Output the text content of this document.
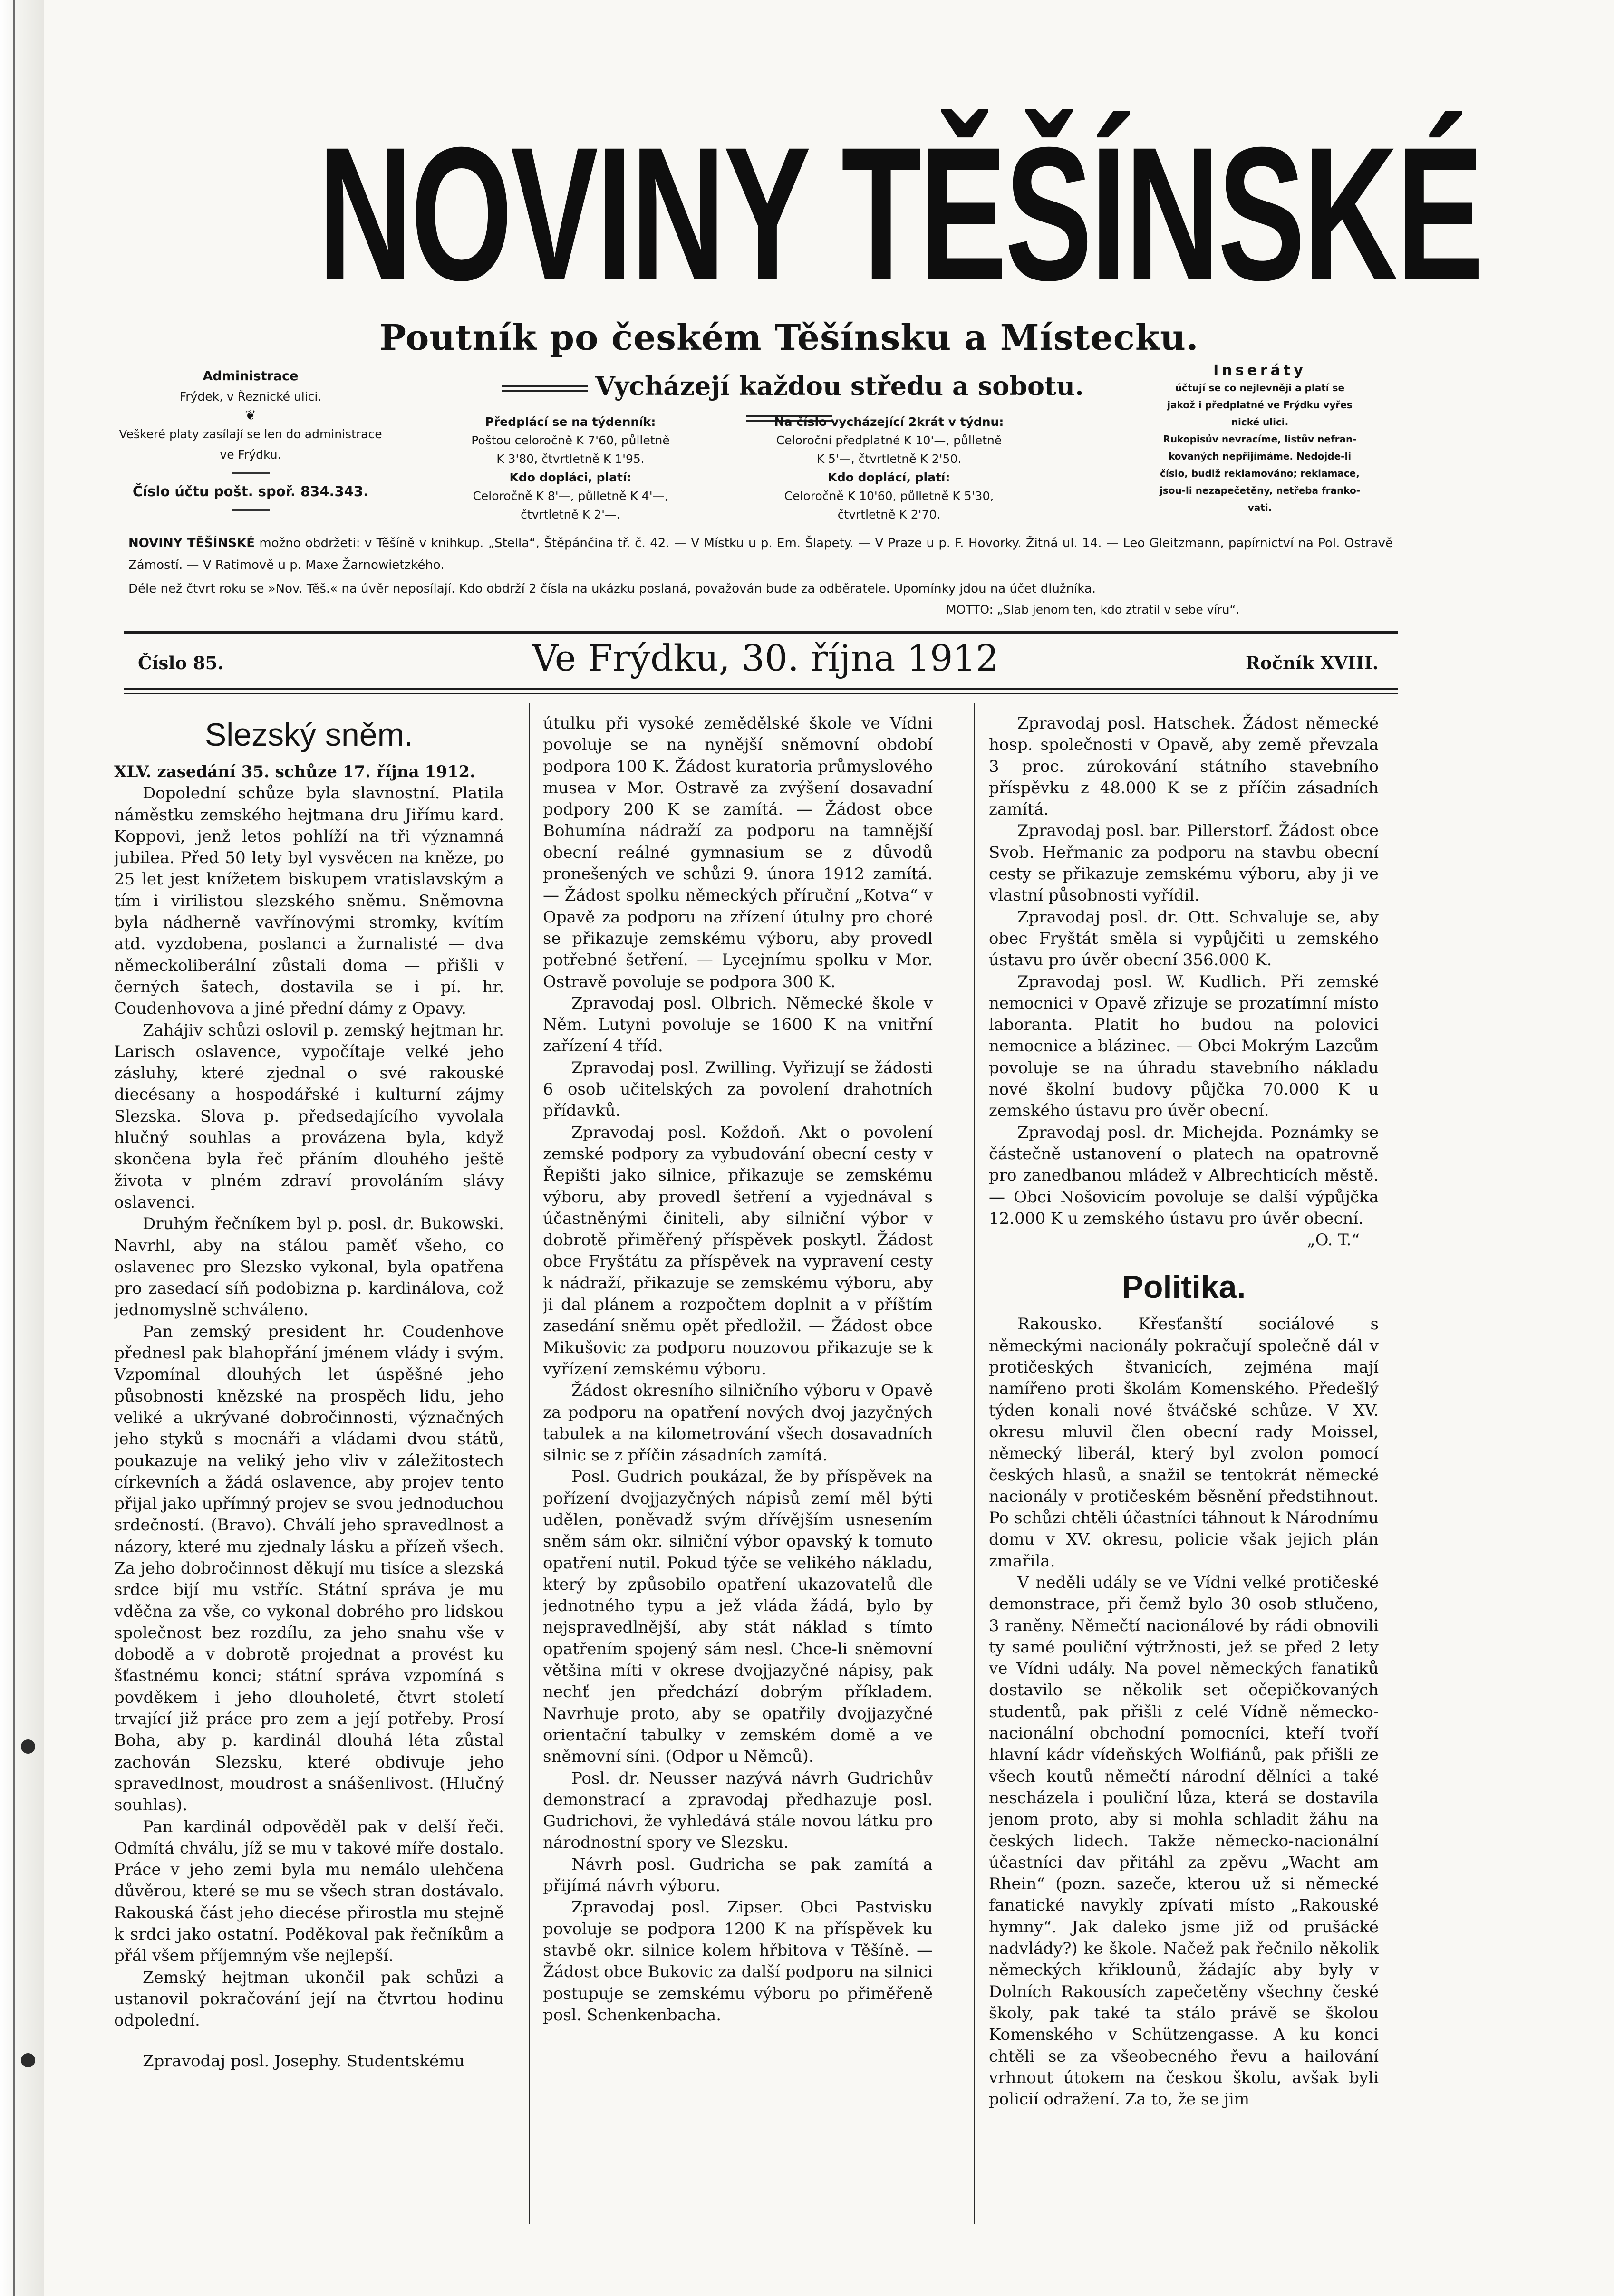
NOVINY TĚŠÍNSKÉ
Poutník po českém Těšínsku a Místecku.
Vycházejí každou středu a sobotu.
Administrace
Frýdek, v Řeznické ulici.
❦
Veškeré platy zasílají se len do administrace ve Frýdku.
Číslo účtu pošt. spoř. 834.343.
Předplácí se na týdenník:
Poštou celoročně K 7'60, půlletně
K 3'80, čtvrtletně K 1'95.
Kdo dopláci, platí:
Celoročně K 8'—, půlletně K 4'—,
čtvrtletně K 2'—.
Na číslo vycházející 2krát v týdnu:
Celoroční předplatné K 10'—, půlletně
K 5'—, čtvrtletně K 2'50.
Kdo doplácí, platí:
Celoročně K 10'60, půlletně K 5'30,
čtvrtletně K 2'70.
Inseráty
účtují se co nejlevněji a platí se
jakož i předplatné ve Frýdku vyřes
nické ulici.
Rukopisův nevracíme, listův nefran-
kovaných nepřijímáme. Nedojde-li
číslo, budiž reklamováno; reklamace,
jsou-li nezapečetěny, netřeba franko-
vati.
NOVINY TĚŠÍNSKÉ možno obdržeti: v Těšíně v knihkup. „Stella“, Štěpánčina tř. č. 42. — V Místku u p. Em. Šlapety. — V Praze u p. F. Hovorky. Žitná ul. 14. — Leo Gleitzmann, papírnictví na Pol. Ostravě Zámostí. — V Ratimově u p. Maxe Žarnowietzkého.
Déle než čtvrt roku se »Nov. Těš.« na úvěr neposílají. Kdo obdrží 2 čísla na ukázku poslaná, považován bude za odběratele. Upomínky jdou na účet dlužníka.
MOTTO: „Slab jenom ten, kdo ztratil v sebe víru“.
Číslo 85.	Ve Frýdku, 30. října 1912	Ročník XVIII.
Slezský sněm.

XLV. zasedání 35. schůze 17. října 1912.

Dopolední schůze byla slavnostní. Platila náměstku zemského hejtmana dru Jiřímu kard. Koppovi, jenž letos pohlíží na tři významná jubilea. Před 50 lety byl vysvěcen na kněze, po 25 let jest knížetem biskupem vratislavským a tím i virilistou slezského sněmu. Sněmovna byla nádherně vavřínovými stromky, kvítím atd. vyzdobena, poslanci a žurnalisté — dva německoliberální zůstali doma — přišli v černých šatech, dostavila se i pí. hr. Coudenhovova a jiné přední dámy z Opavy.

Zahájiv schůzi oslovil p. zemský hejtman hr. Larisch oslavence, vypočítaje velké jeho zásluhy, které zjednal o své rakouské diecésany a hospodářské i kulturní zájmy Slezska. Slova p. předsedajícího vyvolala hlučný souhlas a provázena byla, když skončena byla řeč přáním dlouhého ještě života v plném zdraví provoláním slávy oslavenci.

Druhým řečníkem byl p. posl. dr. Bukowski. Navrhl, aby na stálou paměť všeho, co oslavenec pro Slezsko vykonal, byla opatřena pro zasedací síň podobizna p. kardinálova, což jednomyslně schváleno.

Pan zemský president hr. Coudenhove přednesl pak blahopřání jménem vlády i svým. Vzpomínal dlouhých let úspěšné jeho působnosti knězské na prospěch lidu, jeho veliké a ukrývané dobročinnosti, význačných jeho styků s mocnáři a vládami dvou států, poukazuje na veliký jeho vliv v záležitostech církevních a žádá oslavence, aby projev tento přijal jako upřímný projev se svou jednoduchou srdečností. (Bravo). Chválí jeho spravedlnost a názory, které mu zjednaly lásku a přízeň všech. Za jeho dobročinnost děkují mu tisíce a slezská srdce bijí mu vstříc. Státní správa je mu vděčna za vše, co vykonal dobrého pro lidskou společnost bez rozdílu, za jeho snahu vše v dobodě a v dobrotě projednat a provést ku šťastnému konci; státní správa vzpomíná s povděkem i jeho dlouholeté, čtvrt století trvající již práce pro zem a její potřeby. Prosí Boha, aby p. kardinál dlouhá léta zůstal zachován Slezsku, které obdivuje jeho spravedlnost, moudrost a snášenlivost. (Hlučný souhlas).

Pan kardinál odpověděl pak v delší řeči. Odmítá chválu, jíž se mu v takové míře dostalo. Práce v jeho zemi byla mu nemálo ulehčena důvěrou, které se mu se všech stran dostávalo. Rakouská část jeho diecése přirostla mu stejně k srdci jako ostatní. Poděkoval pak řečníkům a přál všem příjemným vše nejlepší.

Zemský hejtman ukončil pak schůzi a ustanovil pokračování její na čtvrtou hodinu odpolední.

Zpravodaj posl. Josephy. Studentskému

útulku při vysoké zemědělské škole ve Vídni povoluje se na nynější sněmovní období podpora 100 K. Žádost kuratoria průmyslového musea v Mor. Ostravě za zvýšení dosavadní podpory 200 K se zamítá. — Žádost obce Bohumína nádraží za podporu na tamnější obecní reálné gymnasium se z důvodů pronešených ve schůzi 9. února 1912 zamítá. — Žádost spolku německých příruční „Kotva“ v Opavě za podporu na zřízení útulny pro choré se přikazuje zemskému výboru, aby provedl potřebné šetření. — Lycejnímu spolku v Mor. Ostravě povoluje se podpora 300 K.

Zpravodaj posl. Olbrich. Německé škole v Něm. Lutyni povoluje se 1600 K na vnitřní zařízení 4 tříd.

Zpravodaj posl. Zwilling. Vyřizují se žádosti 6 osob učitelských za povolení drahotních přídavků.

Zpravodaj posl. Koždoň. Akt o povolení zemské podpory za vybudování obecní cesty v Řepišti jako silnice, přikazuje se zemskému výboru, aby provedl šetření a vyjednával s účastněnými činiteli, aby silniční výbor v dobrotě přiměřený příspěvek poskytl. Žádost obce Fryštátu za příspěvek na vypravení cesty k nádraží, přikazuje se zemskému výboru, aby ji dal plánem a rozpočtem doplnit a v příštím zasedání sněmu opět předložil. — Žádost obce Mikušovic za podporu nouzovou přikazuje se k vyřízení zemskému výboru.

Žádost okresního silničního výboru v Opavě za podporu na opatření nových dvoj jazyčných tabulek a na kilometrování všech dosavadních silnic se z příčin zásadních zamítá.

Posl. Gudrich poukázal, že by příspěvek na pořízení dvojjazyčných nápisů zemí měl býti udělen, poněvadž svým dřívějším usnesením sněm sám okr. silniční výbor opavský k tomuto opatření nutil. Pokud týče se velikého nákladu, který by způsobilo opatření ukazovatelů dle jednotného typu a jež vláda žádá, bylo by nejspravedlnější, aby stát náklad s tímto opatřením spojený sám nesl. Chce-li sněmovní většina míti v okrese dvojjazyčné nápisy, pak nechť jen předchází dobrým příkladem. Navrhuje proto, aby se opatřily dvojjazyčné orientační tabulky v zemském domě a ve sněmovní síni. (Odpor u Němců).

Posl. dr. Neusser nazývá návrh Gudrichův demonstrací a zpravodaj předhazuje posl. Gudrichovi, že vyhledává stále novou látku pro národnostní spory ve Slezsku.

Návrh posl. Gudricha se pak zamítá a přijímá návrh výboru.

Zpravodaj posl. Zipser. Obci Pastvisku povoluje se podpora 1200 K na příspěvek ku stavbě okr. silnice kolem hřbitova v Těšíně. — Žádost obce Bukovic za další podporu na silnici postupuje se zemskému výboru po přiměřeně posl. Schenkenbacha.

Zpravodaj posl. Hatschek. Žádost německé hosp. společnosti v Opavě, aby země převzala 3 proc. zúrokování státního stavebního příspěvku z 48.000 K se z příčin zásadních zamítá.

Zpravodaj posl. bar. Pillerstorf. Žádost obce Svob. Heřmanic za podporu na stavbu obecní cesty se přikazuje zemskému výboru, aby ji ve vlastní působnosti vyřídil.

Zpravodaj posl. dr. Ott. Schvaluje se, aby obec Fryštát směla si vypůjčiti u zemského ústavu pro úvěr obecní 356.000 K.

Zpravodaj posl. W. Kudlich. Při zemské nemocnici v Opavě zřizuje se prozatímní místo laboranta. Platit ho budou na polovici nemocnice a blázinec. — Obci Mokrým Lazcům povoluje se na úhradu stavebního nákladu nové školní budovy půjčka 70.000 K u zemského ústavu pro úvěr obecní.

Zpravodaj posl. dr. Michejda. Poznámky se částečně ustanovení o platech na opatrovně pro zanedbanou mládež v Albrechticích městě. — Obci Nošovicím povoluje se další výpůjčka 12.000 K u zemského ústavu pro úvěr obecní.

„O. T.“
Politika.

Rakousko. Křesťanští sociálové s německými nacionály pokračují společně dál v protičeských štvanicích, zejména mají namířeno proti školám Komenského. Předešlý týden konali nové štváčské schůze. V XV. okresu mluvil člen obecní rady Moissel, německý liberál, který byl zvolon pomocí českých hlasů, a snažil se tentokrát německé nacionály v protičeském běsnění předstihnout. Po schůzi chtěli účastníci táhnout k Národnímu domu v XV. okresu, policie však jejich plán zmařila.

V neděli udály se ve Vídni velké protičeské demonstrace, při čemž bylo 30 osob stlučeno, 3 raněny. Němečtí nacionálové by rádi obnovili ty samé pouliční výtržnosti, jež se před 2 lety ve Vídni udály. Na povel německých fanatiků dostavilo se několik set očepičkovaných studentů, pak přišli z celé Vídně německo-nacionální obchodní pomocníci, kteří tvoří hlavní kádr vídeňských Wolfiánů, pak přišli ze všech koutů němečtí národní dělníci a také nescházela i pouliční lůza, která se dostavila jenom proto, aby si mohla schladit žáhu na českých lidech. Takže německo-nacionální účastníci dav přitáhl za zpěvu „Wacht am Rhein“ (pozn. sazeče, kterou už si německé fanatické navykly zpívati místo „Rakouské hymny“. Jak daleko jsme již od prušácké nadvlády?) ke škole. Načež pak řečnilo několik německých křiklounů, žádajíc aby byly v Dolních Rakousích zapečetěny všechny české školy, pak také ta stálo právě se školou Komenského v Schützengasse. A ku konci chtěli se za všeobecného řevu a hailování vrhnout útokem na českou školu, avšak byli policií odražení. Za to, že se jim
